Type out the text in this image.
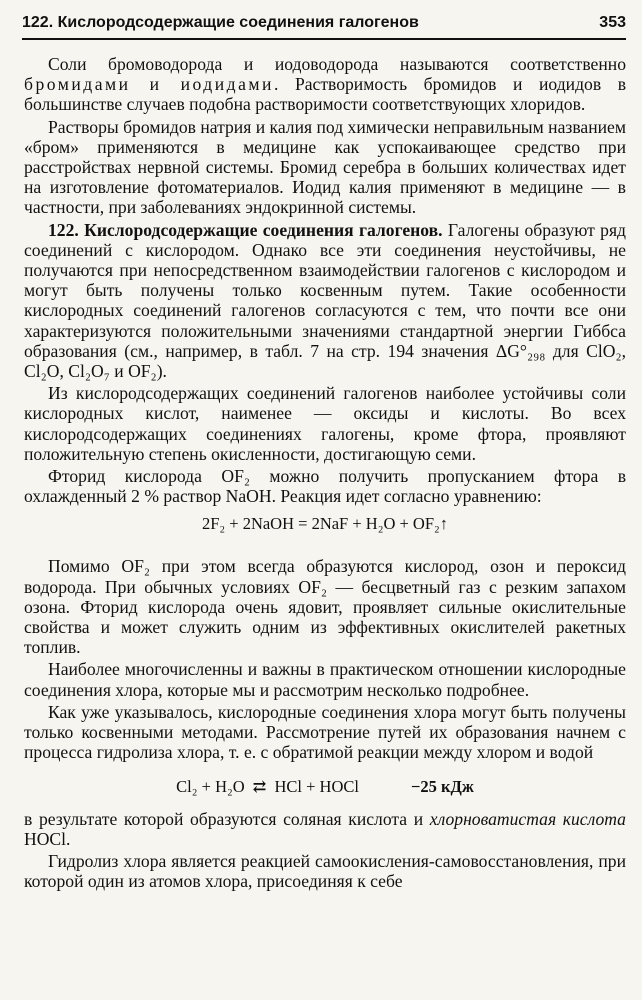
122. Кислородсодержащие соединения галогенов	353

Соли бромоводорода и иодоводорода называются соответственно бромидами и иодидами. Растворимость бромидов и иодидов в большинстве случаев подобна растворимости соответствующих хлоридов.

Растворы бромидов натрия и калия под химически неправильным названием «бром» применяются в медицине как успокаивающее средство при расстройствах нервной системы. Бромид серебра в больших количествах идет на изготовление фотоматериалов. Иодид калия применяют в медицине — в частности, при заболеваниях эндокринной системы.

122. Кислородсодержащие соединения галогенов. Галогены образуют ряд соединений с кислородом. Однако все эти соединения неустойчивы, не получаются при непосредственном взаимодействии галогенов с кислородом и могут быть получены только косвенным путем. Такие особенности кислородных соединений галогенов согласуются с тем, что почти все они характеризуются положительными значениями стандартной энергии Гиббса образования (см., например, в табл. 7 на стр. 194 значения ΔG°₂₉₈ для ClO₂, Cl₂O, Cl₂O₇ и OF₂).

Из кислородсодержащих соединений галогенов наиболее устойчивы соли кислородных кислот, наименее — оксиды и кислоты. Во всех кислородсодержащих соединениях галогены, кроме фтора, проявляют положительную степень окисленности, достигающую семи.

Фторид кислорода OF₂ можно получить пропусканием фтора в охлажденный 2 % раствор NaOH. Реакция идет согласно уравнению:

2F₂ + 2NaOH = 2NaF + H₂O + OF₂↑

Помимо OF₂ при этом всегда образуются кислород, озон и пероксид водорода. При обычных условиях OF₂ — бесцветный газ с резким запахом озона. Фторид кислорода очень ядовит, проявляет сильные окислительные свойства и может служить одним из эффективных окислителей ракетных топлив.

Наиболее многочисленны и важны в практическом отношении кислородные соединения хлора, которые мы и рассмотрим несколько подробнее.

Как уже указывалось, кислородные соединения хлора могут быть получены только косвенными методами. Рассмотрение путей их образования начнем с процесса гидролиза хлора, т. е. с обратимой реакции между хлором и водой

Cl₂ + H₂O ⇄ HCl + HOCl	−25 кДж

в результате которой образуются соляная кислота и хлорноватистая кислота HOCl.

Гидролиз хлора является реакцией самоокисления-самовосстановления, при которой один из атомов хлора, присоединяя к себе
